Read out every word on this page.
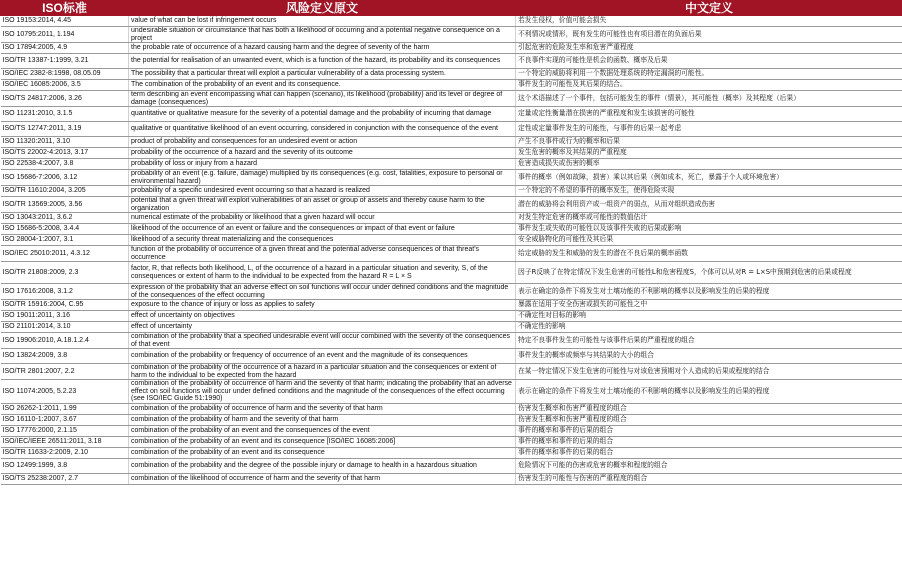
ISO标准	风险定义原文	中文定义
ISO 19153:2014, 4.45	value of what can be lost if infringement occurs	若发生侵权，价值可能会损失
ISO 10795:2011, 1.194	undesirable situation or circumstance that has both a likelihood of occurring and a potential negative consequence on a project	不利情况或情形，既有发生的可能性也有项目潜在的负面后果
ISO 17894:2005, 4.9	the probable rate of occurrence of a hazard causing harm and the degree of severity of the harm	引起危害的危险发生率和危害严重程度
ISO/TR 13387-1:1999, 3.21	the potential for realisation of an unwanted event, which is a function of the hazard, its probability and its consequences	不良事件实现的可能性是机会的函数、概率及后果
ISO/IEC 2382-8:1998, 08.05.09	The possibility that a particular threat will exploit a particular vulnerability of a data processing system.	一个特定的威胁将利用一个数据处理系统的特定漏洞的可能性。
ISO/IEC 16085:2006, 3.5	The combination of the probability of an event and its consequence.	事件发生的可能性及其后果的结合。
ISO/TS 24817:2006, 3.26	term describing an event encompassing what can happen (scenario), its likelihood (probability) and its level or degree of damage (consequences)	这个术语描述了一个事件，包括可能发生的事件（情景），其可能性（概率）及其程度（后果）
ISO 11231:2010, 3.1.5	quantitative or qualitative measure for the severity of a potential damage and the probability of incurring that damage	定量或定性衡量潜在损害的严重程度和发生该损害的可能性
ISO/TS 12747:2011, 3.19	qualitative or quantitative likelihood of an event occurring, considered in conjunction with the consequence of the event	定性或定量事件发生的可能性，与事件的后果一起考虑
ISO 11320:2011, 3.10	product of probability and consequences for an undesired event or action	产生不良事件或行为的概率和后果
ISO/TS 22002-4:2013, 3.17	probability of the occurrence of a hazard and the severity of its outcome	发生危害的概率及其结果的严重程度
ISO 22538-4:2007, 3.8	probability of loss or injury from a hazard	危害造成损失或伤害的概率
ISO 15686-7:2006, 3.12	probability of an event (e.g. failure, damage) multiplied by its consequences (e.g. cost, fatalities, exposure to personal or environmental hazard)	事件的概率（例如故障，损害）乘以其后果（例如成本，死亡，暴露于个人或环境危害）
ISO/TR 11610:2004, 3.205	probability of a specific undesired event occurring so that a hazard is realized	一个特定的不希望的事件的概率发生，使得危险实现
ISO/TR 13569:2005, 3.56	potential that a given threat will exploit vulnerabilities of an asset or group of assets and thereby cause harm to the organization	潜在的威胁将会利用资产或一组资产的弱点，从而对组织造成伤害
ISO 13043:2011, 3.6.2	numerical estimate of the probability or likelihood that a given hazard will occur	对发生特定危害的概率或可能性的数值估计
ISO 15686-5:2008, 3.4.4	likelihood of the occurrence of an event or failure and the consequences or impact of that event or failure	事件发生或失败的可能性以及该事件失败的后果或影响
ISO 28004-1:2007, 3.1	likelihood of a security threat materializing and the consequences	安全威胁物化的可能性及其后果
ISO/IEC 25010:2011, 4.3.12	function of the probability of occurrence of a given threat and the potential adverse consequences of that threat's occurrence	给定威胁的发生和威胁的发生的潜在不良后果的概率函数
ISO/TR 21808:2009, 2.3	factor, R, that reflects both likelihood, L, of the occurrence of a hazard in a particular situation and severity, S, of the consequences or extent of harm to the individual to be expected from the hazard R = L × S	因子R反映了在特定情况下发生危害的可能性L和危害程度S，个体可以从对R = L×S中预期到危害的后果或程度
ISO 17616:2008, 3.1.2	expression of the probability that an adverse effect on soil functions will occur under defined conditions and the magnitude of the consequences of the effect occurring	表示在确定的条件下将发生对土壤功能的不利影响的概率以及影响发生的后果的程度
ISO/TR 15916:2004, C.95	exposure to the chance of injury or loss as applies to safety	暴露在适用于安全伤害或损失的可能性之中
ISO 19011:2011, 3.16	effect of uncertainty on objectives	不确定性对目标的影响
ISO 21101:2014, 3.10	effect of uncertainty	不确定性的影响
ISO 19906:2010, A.18.1.2.4	combination of the probability that a specified undesirable event will occur combined with the severity of the consequences of that event	特定不良事件发生的可能性与该事件后果的严重程度的组合
ISO 13824:2009, 3.8	combination of the probability or frequency of occurrence of an event and the magnitude of its consequences	事件发生的概率或频率与其结果的大小的组合
ISO/TR 2801:2007, 2.2	combination of the probability of the occurrence of a hazard in a particular situation and the consequences or extent of harm to the individual to be expected from the hazard	在某一特定情况下发生危害的可能性与对该危害预期对个人造成的后果或程度的结合
ISO 11074:2005, 5.2.23	combination of the probability of occurrence of harm and the severity of that harm; indicating the probability that an adverse effect on soil functions will occur under defined conditions and the magnitude of the consequences of the effect occurring (see ISO/IEC Guide 51:1990)	表示在确定的条件下将发生对土壤功能的不利影响的概率以及影响发生的后果的程度
ISO 26262-1:2011, 1.99	combination of the probability of occurrence of harm and the severity of that harm	伤害发生概率和伤害严重程度的组合
ISO 16110-1:2007, 3.67	combination of the probability of harm and the severity of that harm	伤害发生概率和伤害严重程度的组合
ISO 17776:2000, 2.1.15	combination of the probability of an event and the consequences of the event	事件的概率和事件的后果的组合
ISO/IEC/IEEE 26511:2011, 3.18	combination of the probability of an event and its consequence [ISO/IEC 16085:2006]	事件的概率和事件的后果的组合
ISO/TR 11633-2:2009, 2.10	combination of the probability of an event and its consequence	事件的概率和事件的后果的组合
ISO 12499:1999, 3.8	combination of the probability and the degree of the possible injury or damage to health in a hazardous situation	危险情况下可能的伤害或危害的概率和程度的组合
ISO/TS 25238:2007, 2.7	combination of the likelihood of occurrence of harm and the severity of that harm	伤害发生的可能性与伤害的严重程度的组合
